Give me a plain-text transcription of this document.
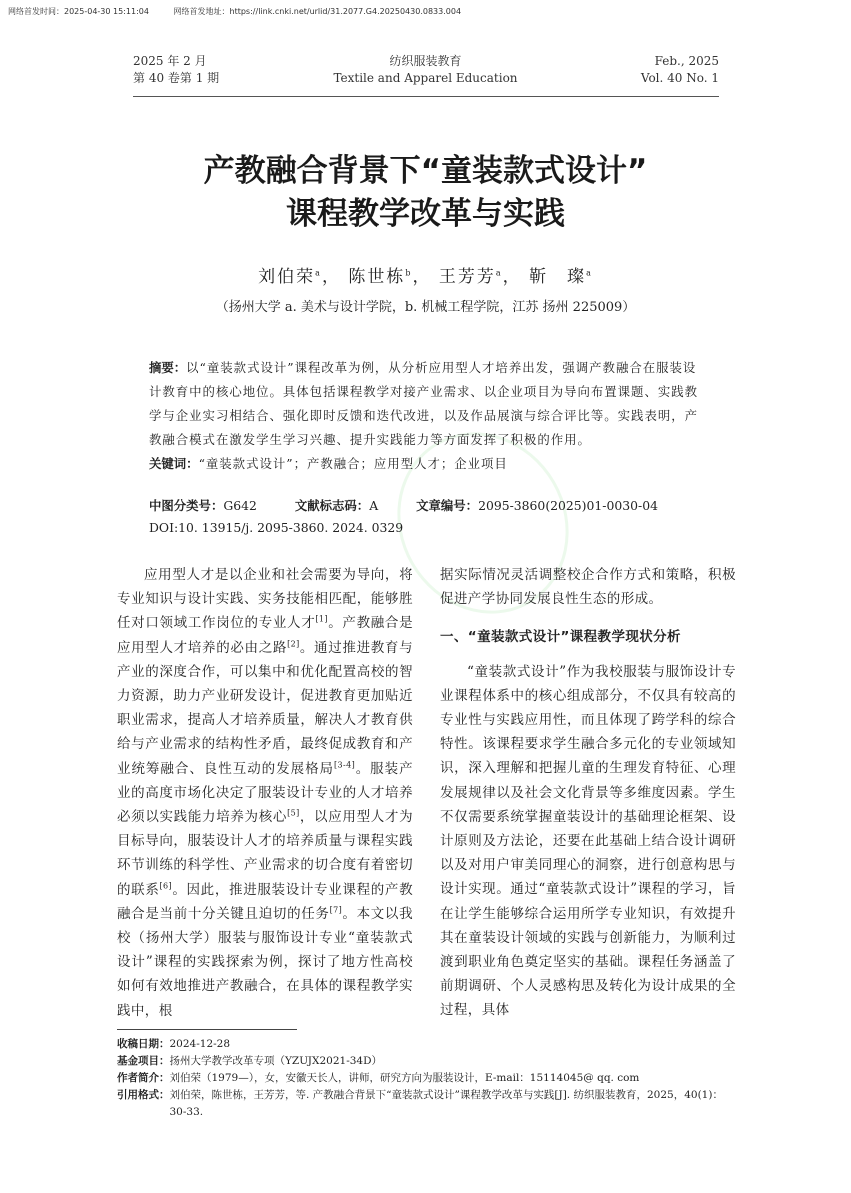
网络首发时间：2025-04-30 15:11:04	网络首发地址：https://link.cnki.net/urlid/31.2077.G4.20250430.0833.004
2025 年 2 月
第 40 卷第 1 期
纺织服装教育
Textile and Apparel Education
Feb., 2025
Vol. 40 No. 1
产教融合背景下“童装款式设计”
课程教学改革与实践
刘伯荣$^a$， 陈世栋$^b$， 王芳芳$^a$， 靳　璨$^a$
（扬州大学 a. 美术与设计学院，b. 机械工程学院，江苏 扬州 225009）
摘要：以“童装款式设计”课程改革为例，从分析应用型人才培养出发，强调产教融合在服装设计教育中的核心地位。具体包括课程教学对接产业需求、以企业项目为导向布置课题、实践教学与企业实习相结合、强化即时反馈和迭代改进，以及作品展演与综合评比等。实践表明，产教融合模式在激发学生学习兴趣、提升实践能力等方面发挥了积极的作用。
关键词：“童装款式设计”；产教融合；应用型人才；企业项目
中图分类号：G642	文献标志码：A	文章编号：2095-3860(2025)01-0030-04
DOI:10. 13915/j. 2095-3860. 2024. 0329

应用型人才是以企业和社会需要为导向，将专业知识与设计实践、实务技能相匹配，能够胜任对口领域工作岗位的专业人才[1]。产教融合是应用型人才培养的必由之路[2]。通过推进教育与产业的深度合作，可以集中和优化配置高校的智力资源，助力产业研发设计，促进教育更加贴近职业需求，提高人才培养质量，解决人才教育供给与产业需求的结构性矛盾，最终促成教育和产业统筹融合、良性互动的发展格局[3-4]。服装产业的高度市场化决定了服装设计专业的人才培养必须以实践能力培养为核心[5]，以应用型人才为目标导向，服装设计人才的培养质量与课程实践环节训练的科学性、产业需求的切合度有着密切的联系[6]。因此，推进服装设计专业课程的产教融合是当前十分关键且迫切的任务[7]。本文以我校（扬州大学）服装与服饰设计专业“童装款式设计”课程的实践探索为例，探讨了地方性高校如何有效地推进产教融合，在具体的课程教学实践中，根

据实际情况灵活调整校企合作方式和策略，积极促进产学协同发展良性生态的形成。

一、“童装款式设计”课程教学现状分析

“童装款式设计”作为我校服装与服饰设计专业课程体系中的核心组成部分，不仅具有较高的专业性与实践应用性，而且体现了跨学科的综合特性。该课程要求学生融合多元化的专业领域知识，深入理解和把握儿童的生理发育特征、心理发展规律以及社会文化背景等多维度因素。学生不仅需要系统掌握童装设计的基础理论框架、设计原则及方法论，还要在此基础上结合设计调研以及对用户审美同理心的洞察，进行创意构思与设计实现。通过“童装款式设计”课程的学习，旨在让学生能够综合运用所学专业知识，有效提升其在童装设计领域的实践与创新能力，为顺利过渡到职业角色奠定坚实的基础。课程任务涵盖了前期调研、个人灵感构思及转化为设计成果的全过程，具体

收稿日期： 2024-12-28
基金项目： 扬州大学教学改革专项（YZUJX2021-34D）
作者简介： 刘伯荣（1979—），女，安徽天长人，讲师，研究方向为服装设计，E-mail：15114045@ qq. com
引用格式： 刘伯荣，陈世栋，王芳芳，等. 产教融合背景下“童装款式设计”课程教学改革与实践[J]. 纺织服装教育，2025，40(1)：30-33.
